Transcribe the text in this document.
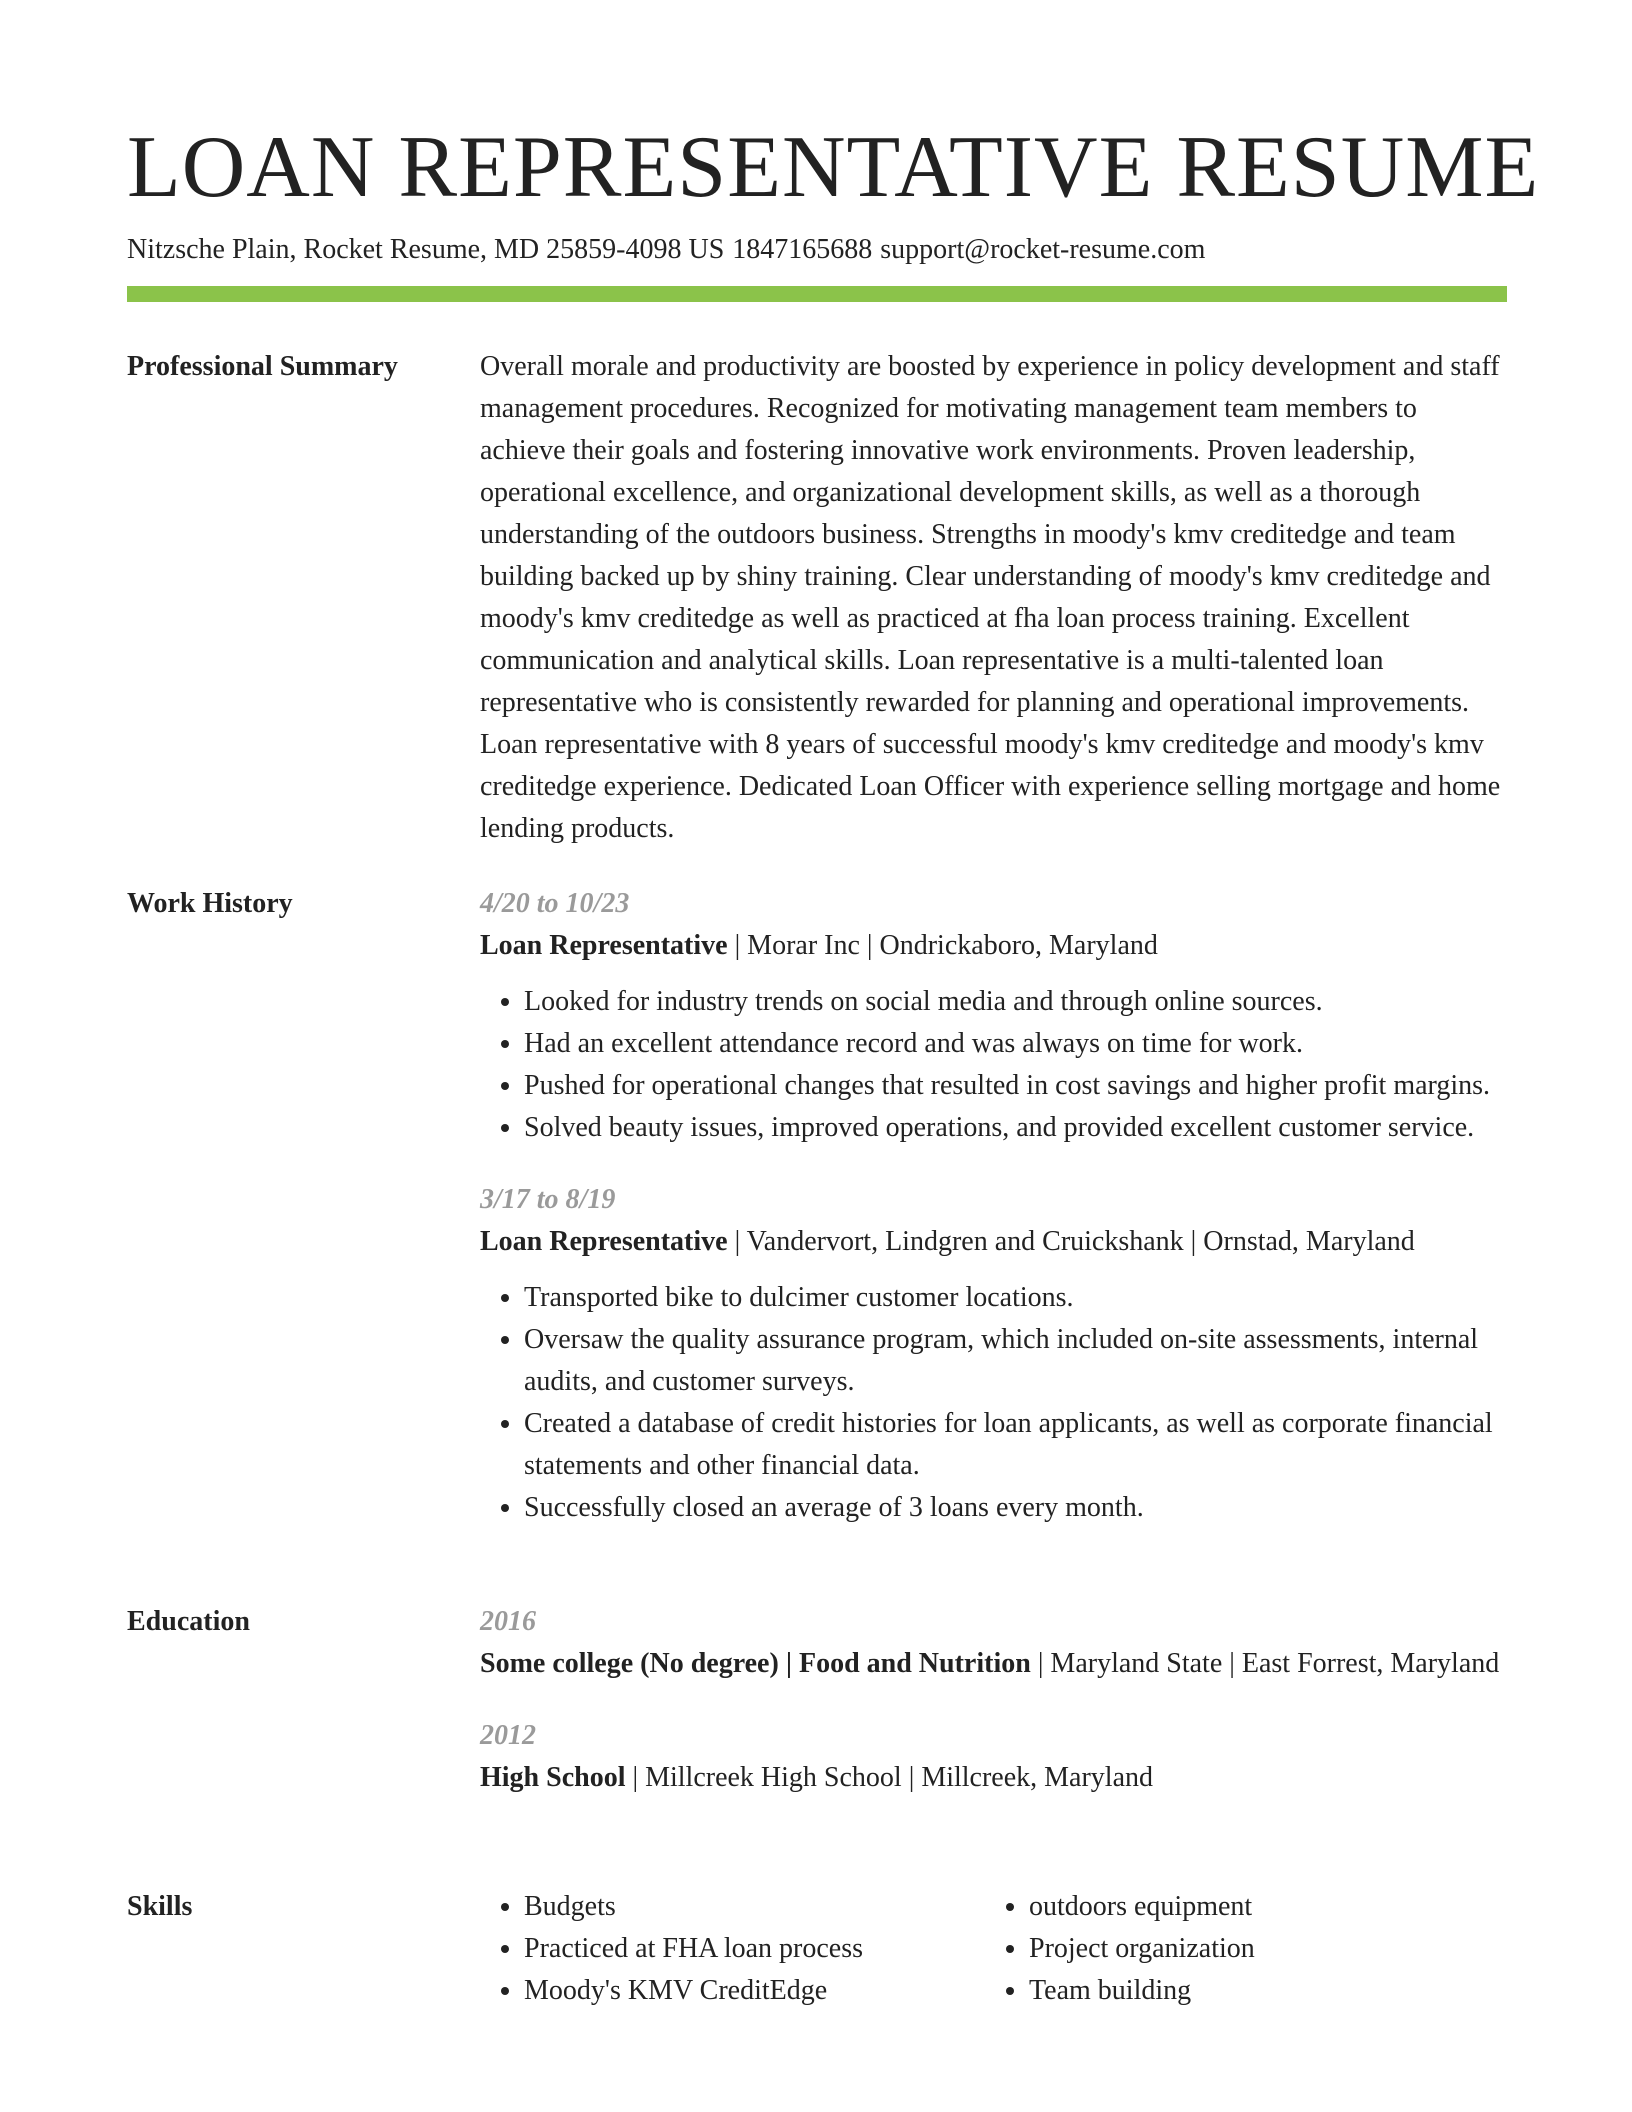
LOAN REPRESENTATIVE RESUME
Nitzsche Plain, Rocket Resume, MD 25859-4098 US 1847165688 support@rocket-resume.com
Professional Summary	Overall morale and productivity are boosted by experience in policy development and staff management procedures. Recognized for motivating management team members to achieve their goals and fostering innovative work environments. Proven leadership, operational excellence, and organizational development skills, as well as a thorough understanding of the outdoors business. Strengths in moody's kmv creditedge and team building backed up by shiny training. Clear understanding of moody's kmv creditedge and moody's kmv creditedge as well as practiced at fha loan process training. Excellent communication and analytical skills. Loan representative is a multi-talented loan representative who is consistently rewarded for planning and operational improvements. Loan representative with 8 years of successful moody's kmv creditedge and moody's kmv creditedge experience. Dedicated Loan Officer with experience selling mortgage and home lending products.
Work History	4/20 to 10/23
Loan Representative | Morar Inc | Ondrickaboro, Maryland
• Looked for industry trends on social media and through online sources.
• Had an excellent attendance record and was always on time for work.
• Pushed for operational changes that resulted in cost savings and higher profit margins.
• Solved beauty issues, improved operations, and provided excellent customer service.
3/17 to 8/19
Loan Representative | Vandervort, Lindgren and Cruickshank | Ornstad, Maryland
• Transported bike to dulcimer customer locations.
• Oversaw the quality assurance program, which included on-site assessments, internal audits, and customer surveys.
• Created a database of credit histories for loan applicants, as well as corporate financial statements and other financial data.
• Successfully closed an average of 3 loans every month.
Education	2016
Some college (No degree) | Food and Nutrition | Maryland State | East Forrest, Maryland
2012
High School | Millcreek High School | Millcreek, Maryland
Skills
•	Budgets
• Practiced at FHA loan process
• Moody's KMV CreditEdge
• outdoors equipment
• Project organization
• Team building
